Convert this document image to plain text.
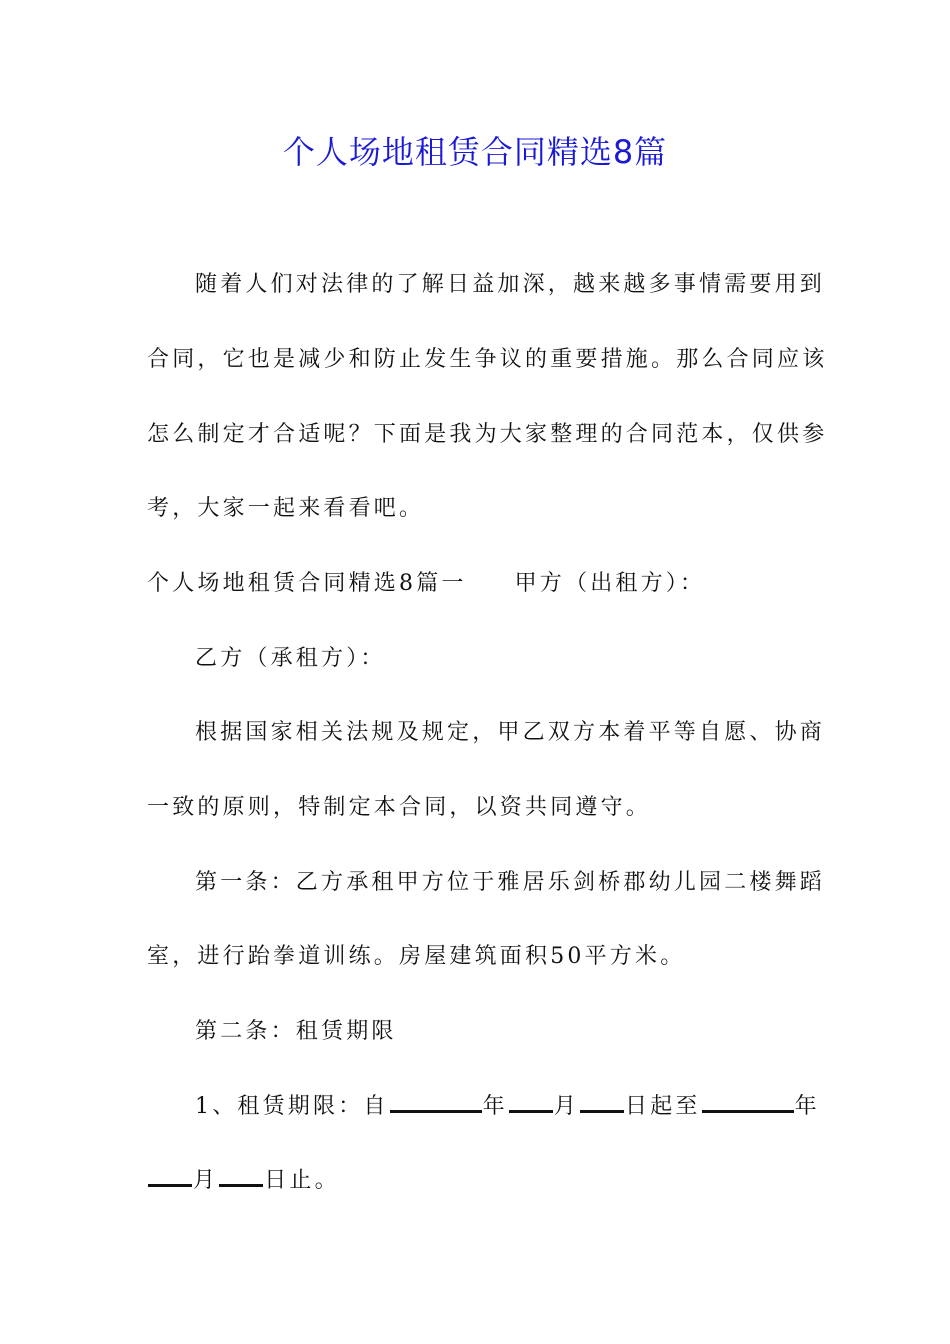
个人场地租赁合同精选8篇
随着人们对法律的了解日益加深，越来越多事情需要用到
合同，它也是减少和防止发生争议的重要措施。那么合同应该
怎么制定才合适呢？下面是我为大家整理的合同范本，仅供参
考，大家一起来看看吧。
个人场地租赁合同精选8篇一 甲方（出租方）：
乙方（承租方）：
根据国家相关法规及规定，甲乙双方本着平等自愿、协商
一致的原则，特制定本合同，以资共同遵守。
第一条：乙方承租甲方位于雅居乐剑桥郡幼儿园二楼舞蹈
室，进行跆拳道训练。房屋建筑面积50平方米。
第二条：租赁期限
1、租赁期限：自	年 月 日起至	年
月 日止。
